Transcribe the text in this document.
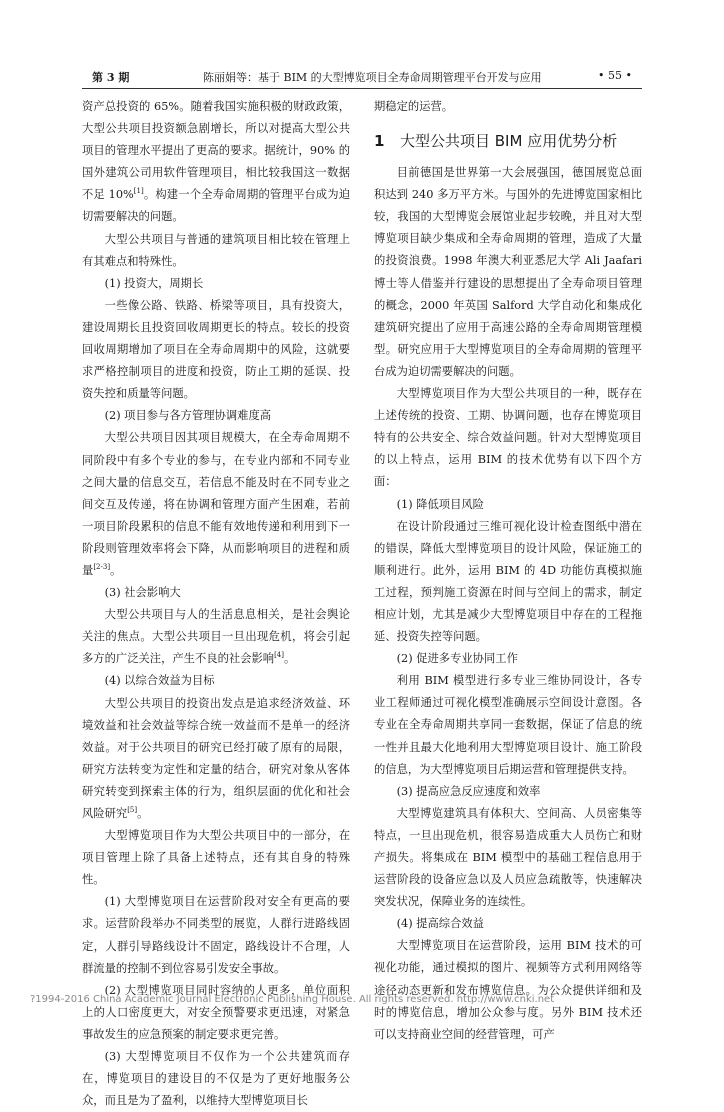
第 3 期	陈丽娟等：基于 BIM 的大型博览项目全寿命周期管理平台开发与应用	• 55 •

资产总投资的 65%。随着我国实施积极的财政政策，大型公共项目投资额急剧增长，所以对提高大型公共项目的管理水平提出了更高的要求。据统计，90% 的国外建筑公司用软件管理项目，相比较我国这一数据不足 10%[1]。构建一个全寿命周期的管理平台成为迫切需要解决的问题。

大型公共项目与普通的建筑项目相比较在管理上有其难点和特殊性。

(1) 投资大，周期长

一些像公路、铁路、桥梁等项目，具有投资大，建设周期长且投资回收周期更长的特点。较长的投资回收周期增加了项目在全寿命周期中的风险，这就要求严格控制项目的进度和投资，防止工期的延误、投资失控和质量等问题。

(2) 项目参与各方管理协调难度高

大型公共项目因其项目规模大，在全寿命周期不同阶段中有多个专业的参与，在专业内部和不同专业之间大量的信息交互，若信息不能及时在不同专业之间交互及传递，将在协调和管理方面产生困难，若前一项目阶段累积的信息不能有效地传递和利用到下一阶段则管理效率将会下降，从而影响项目的进程和质量[2-3]。

(3) 社会影响大

大型公共项目与人的生活息息相关，是社会舆论关注的焦点。大型公共项目一旦出现危机，将会引起多方的广泛关注，产生不良的社会影响[4]。

(4) 以综合效益为目标

大型公共项目的投资出发点是追求经济效益、环境效益和社会效益等综合统一效益而不是单一的经济效益。对于公共项目的研究已经打破了原有的局限，研究方法转变为定性和定量的结合，研究对象从客体研究转变到探索主体的行为，组织层面的优化和社会风险研究[5]。

大型博览项目作为大型公共项目中的一部分，在项目管理上除了具备上述特点，还有其自身的特殊性。

(1) 大型博览项目在运营阶段对安全有更高的要求。运营阶段举办不同类型的展览，人群行进路线固定，人群引导路线设计不固定，路线设计不合理，人群流量的控制不到位容易引发安全事故。

(2) 大型博览项目同时容纳的人更多，单位面积上的人口密度更大，对安全预警要求更迅速，对紧急事故发生的应急预案的制定要求更完善。

(3) 大型博览项目不仅作为一个公共建筑而存在，博览项目的建设目的不仅是为了更好地服务公众，而且是为了盈利，以维持大型博览项目长

期稳定的运营。

1 大型公共项目 BIM 应用优势分析

目前德国是世界第一大会展强国，德国展览总面积达到 240 多万平方米。与国外的先进博览国家相比较，我国的大型博览会展馆业起步较晚，并且对大型博览项目缺少集成和全寿命周期的管理，造成了大量的投资浪费。1998 年澳大利亚悉尼大学 Ali Jaafari 博士等人借鉴并行建设的思想提出了全寿命项目管理的概念，2000 年英国 Salford 大学自动化和集成化建筑研究提出了应用于高速公路的全寿命周期管理模型。研究应用于大型博览项目的全寿命周期的管理平台成为迫切需要解决的问题。

大型博览项目作为大型公共项目的一种，既存在上述传统的投资、工期、协调问题，也存在博览项目特有的公共安全、综合效益问题。针对大型博览项目的以上特点，运用 BIM 的技术优势有以下四个方面：

(1) 降低项目风险

在设计阶段通过三维可视化设计检查图纸中潜在的错误，降低大型博览项目的设计风险，保证施工的顺利进行。此外，运用 BIM 的 4D 功能仿真模拟施工过程，预判施工资源在时间与空间上的需求，制定相应计划，尤其是减少大型博览项目中存在的工程拖延、投资失控等问题。

(2) 促进多专业协同工作

利用 BIM 模型进行多专业三维协同设计，各专业工程师通过可视化模型准确展示空间设计意图。各专业在全寿命周期共享同一套数据，保证了信息的统一性并且最大化地利用大型博览项目设计、施工阶段的信息，为大型博览项目后期运营和管理提供支持。

(3) 提高应急反应速度和效率

大型博览建筑具有体积大、空间高、人员密集等特点，一旦出现危机，很容易造成重大人员伤亡和财产损失。将集成在 BIM 模型中的基础工程信息用于运营阶段的设备应急以及人员应急疏散等，快速解决突发状况，保障业务的连续性。

(4) 提高综合效益

大型博览项目在运营阶段，运用 BIM 技术的可视化功能，通过模拟的图片、视频等方式利用网络等途径动态更新和发布博览信息。为公众提供详细和及时的博览信息，增加公众参与度。另外 BIM 技术还可以支持商业空间的经营管理，可产

?1994-2016 China Academic Journal Electronic Publishing House. All rights reserved. http://www.cnki.net
